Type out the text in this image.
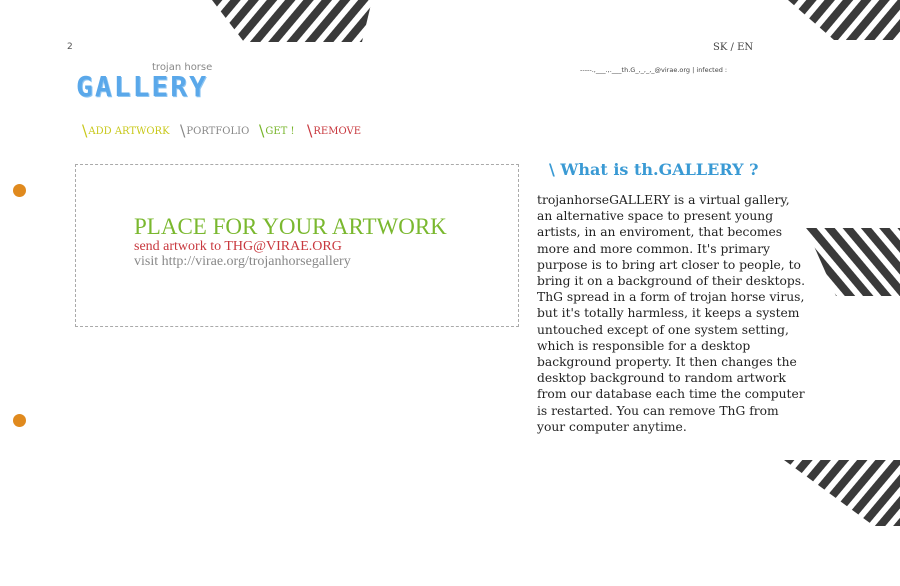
2	SK / EN
-----.,___.,.___th.G_,_,_,_@virae.org | infected :
trojan horse
GALLERY
\ADD ARTWORK \PORTFOLIO \GET ! \REMOVE
PLACE FOR YOUR ARTWORK
send artwork to THG@VIRAE.ORG
visit http://virae.org/trojanhorsegallery
\ What is th.GALLERY ?
trojanhorseGALLERY is a virtual gallery, an alternative space to present young artists, in an enviroment, that becomes more and more common. It's primary purpose is to bring art closer to people, to bring it on a background of their desktops. ThG spread in a form of trojan horse virus, but it's totally harmless, it keeps a system untouched except of one system setting, which is responsible for a desktop background property. It then changes the desktop background to random artwork from our database each time the computer is restarted. You can remove ThG from your computer anytime.
